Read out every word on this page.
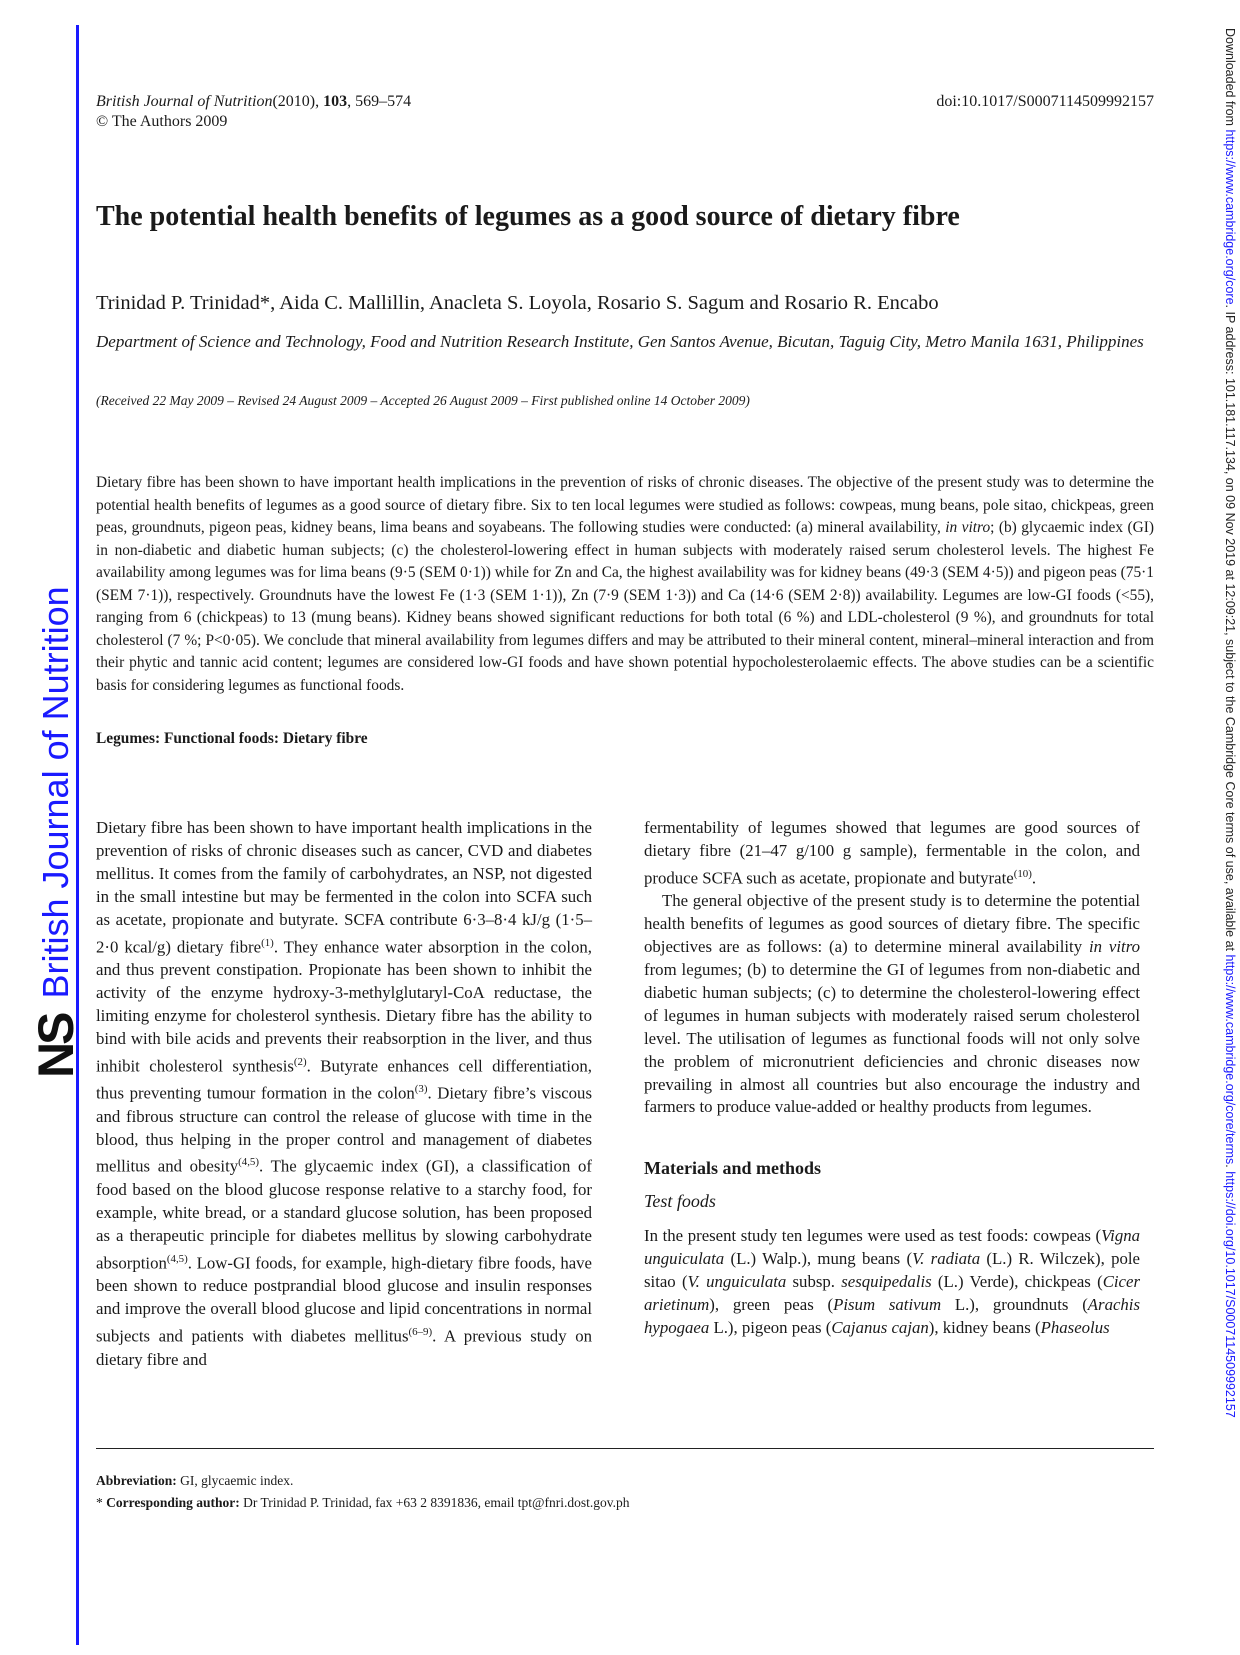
NS
British Journal of Nutrition
Downloaded from https://www.cambridge.org/core. IP address: 101.181.117.134, on 09 Nov 2019 at 12:09:21, subject to the Cambridge Core terms of use, available at https://www.cambridge.org/core/terms. https://doi.org/10.1017/S0007114509992157
British Journal of Nutrition(2010), 103, 569–574
© The Authors 2009
doi:10.1017/S0007114509992157
The potential health benefits of legumes as a good source of dietary fibre
Trinidad P. Trinidad*, Aida C. Mallillin, Anacleta S. Loyola, Rosario S. Sagum and Rosario R. Encabo
Department of Science and Technology, Food and Nutrition Research Institute, Gen Santos Avenue, Bicutan, Taguig City, Metro Manila 1631, Philippines
(Received 22 May 2009 – Revised 24 August 2009 – Accepted 26 August 2009 – First published online 14 October 2009)

Dietary fibre has been shown to have important health implications in the prevention of risks of chronic diseases. The objective of the present study was to determine the potential health benefits of legumes as a good source of dietary fibre. Six to ten local legumes were studied as follows: cowpeas, mung beans, pole sitao, chickpeas, green peas, groundnuts, pigeon peas, kidney beans, lima beans and soyabeans. The following studies were conducted: (a) mineral availability, in vitro; (b) glycaemic index (GI) in non-diabetic and diabetic human subjects; (c) the cholesterol-lowering effect in human subjects with moderately raised serum cholesterol levels. The highest Fe availability among legumes was for lima beans (9·5 (SEM 0·1)) while for Zn and Ca, the highest availability was for kidney beans (49·3 (SEM 4·5)) and pigeon peas (75·1 (SEM 7·1)), respectively. Groundnuts have the lowest Fe (1·3 (SEM 1·1)), Zn (7·9 (SEM 1·3)) and Ca (14·6 (SEM 2·8)) availability. Legumes are low-GI foods (<55), ranging from 6 (chickpeas) to 13 (mung beans). Kidney beans showed significant reductions for both total (6 %) and LDL-cholesterol (9 %), and groundnuts for total cholesterol (7 %; P<0·05). We conclude that mineral availability from legumes differs and may be attributed to their mineral content, mineral–mineral interaction and from their phytic and tannic acid content; legumes are considered low-GI foods and have shown potential hypocholesterolaemic effects. The above studies can be a scientific basis for considering legumes as functional foods.

Legumes: Functional foods: Dietary fibre

Dietary fibre has been shown to have important health implications in the prevention of risks of chronic diseases such as cancer, CVD and diabetes mellitus. It comes from the family of carbohydrates, an NSP, not digested in the small intestine but may be fermented in the colon into SCFA such as acetate, propionate and butyrate. SCFA contribute 6·3–8·4 kJ/g (1·5–2·0 kcal/g) dietary fibre$^{(1)}$. They enhance water absorption in the colon, and thus prevent constipation. Propionate has been shown to inhibit the activity of the enzyme hydroxy-3-methylglutaryl-CoA reductase, the limiting enzyme for cholesterol synthesis. Dietary fibre has the ability to bind with bile acids and prevents their reabsorption in the liver, and thus inhibit cholesterol synthesis$^{(2)}$. Butyrate enhances cell differentiation, thus preventing tumour formation in the colon$^{(3)}$. Dietary fibre’s viscous and fibrous structure can control the release of glucose with time in the blood, thus helping in the proper control and management of diabetes mellitus and obesity$^{(4,5)}$. The glycaemic index (GI), a classification of food based on the blood glucose response relative to a starchy food, for example, white bread, or a standard glucose solution, has been proposed as a therapeutic principle for diabetes mellitus by slowing carbohydrate absorption$^{(4,5)}$. Low-GI foods, for example, high-dietary fibre foods, have been shown to reduce postprandial blood glucose and insulin responses and improve the overall blood glucose and lipid concentrations in normal subjects and patients with diabetes mellitus$^{(6-9)}$. A previous study on dietary fibre and

fermentability of legumes showed that legumes are good sources of dietary fibre (21–47 g/100 g sample), fermentable in the colon, and produce SCFA such as acetate, propionate and butyrate$^{(10)}$.

The general objective of the present study is to determine the potential health benefits of legumes as good sources of dietary fibre. The specific objectives are as follows: (a) to determine mineral availability in vitro from legumes; (b) to determine the GI of legumes from non-diabetic and diabetic human subjects; (c) to determine the cholesterol-lowering effect of legumes in human subjects with moderately raised serum cholesterol level. The utilisation of legumes as functional foods will not only solve the problem of micronutrient deficiencies and chronic diseases now prevailing in almost all countries but also encourage the industry and farmers to produce value-added or healthy products from legumes.

Materials and methods

Test foods

In the present study ten legumes were used as test foods: cowpeas (Vigna unguiculata (L.) Walp.), mung beans (V. radiata (L.) R. Wilczek), pole sitao (V. unguiculata subsp. sesquipedalis (L.) Verde), chickpeas (Cicer arietinum), green peas (Pisum sativum L.), groundnuts (Arachis hypogaea L.), pigeon peas (Cajanus cajan), kidney beans (Phaseolus

Abbreviation: GI, glycaemic index.

* Corresponding author: Dr Trinidad P. Trinidad, fax +63 2 8391836, email tpt@fnri.dost.gov.ph
